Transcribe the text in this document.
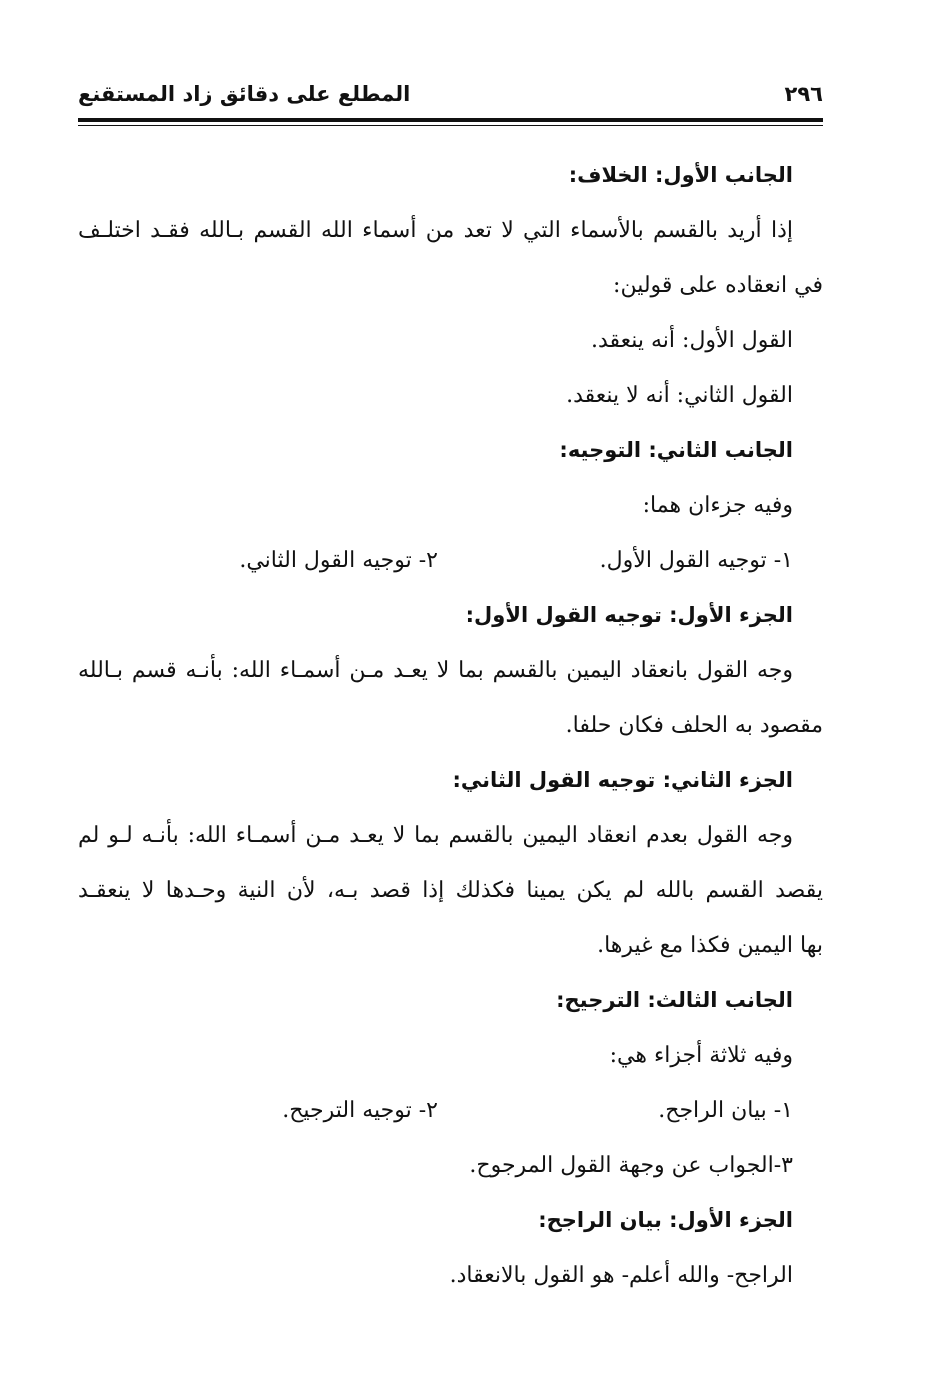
المطلع على دقائق زاد المستقنع	٢٩٦
الجانب الأول: الخلاف:
إذا أريد بالقسم بالأسماء التي لا تعد من أسماء الله القسم بـالله فقـد اختلـف
في انعقاده على قولين:
القول الأول: أنه ينعقد.
القول الثاني: أنه لا ينعقد.
الجانب الثاني: التوجيه:
وفيه جزءان هما:
١- توجيه القول الأول.
٢- توجيه القول الثاني.
الجزء الأول: توجيه القول الأول:
وجه القول بانعقاد اليمين بالقسم بما لا يعـد مـن أسمـاء الله: بأنـه قسم بـالله
مقصود به الحلف فكان حلفا.
الجزء الثاني: توجيه القول الثاني:
وجه القول بعدم انعقاد اليمين بالقسم بما لا يعـد مـن أسمـاء الله: بأنـه لـو لم
يقصد القسم بالله لم يكن يمينا فكذلك إذا قصد بـه، لأن النية وحـدها لا ينعقـد
بها اليمين فكذا مع غيرها.
الجانب الثالث: الترجيح:
وفيه ثلاثة أجزاء هي:
١- بيان الراجح.
٢- توجيه الترجيح.
٣-الجواب عن وجهة القول المرجوح.
الجزء الأول: بيان الراجح:
الراجح- والله أعلم- هو القول بالانعقاد.
